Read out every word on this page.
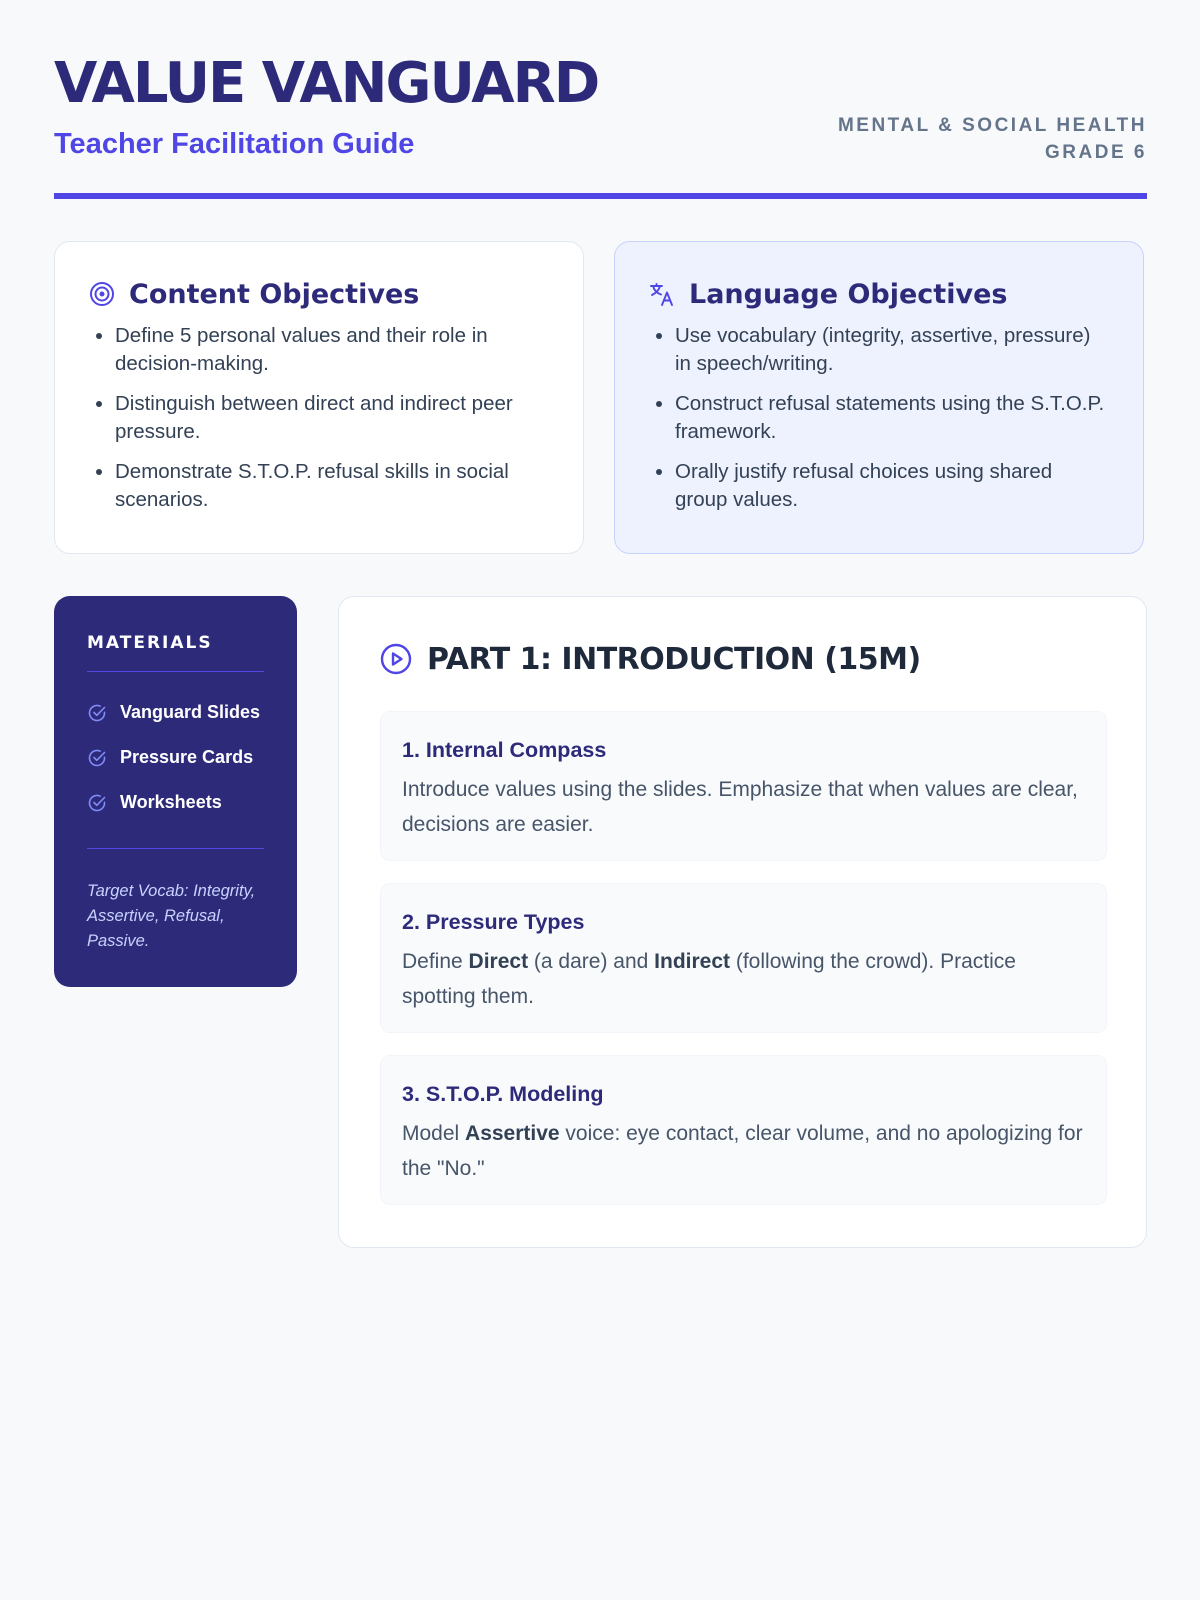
VALUE VANGUARD
Teacher Facilitation Guide
MENTAL & SOCIAL HEALTH
GRADE 6
Content Objectives
• Define 5 personal values and their role in decision-making.
• Distinguish between direct and indirect peer pressure.
• Demonstrate S.T.O.P. refusal skills in social scenarios.
Language Objectives
• Use vocabulary (integrity, assertive, pressure) in speech/writing.
• Construct refusal statements using the S.T.O.P. framework.
• Orally justify refusal choices using shared group values.
MATERIALS
Vanguard Slides
Pressure Cards
Worksheets
Target Vocab: Integrity, Assertive, Refusal, Passive.
PART 1: INTRODUCTION (15M)
1. Internal Compass

Introduce values using the slides. Emphasize that when values are clear, decisions are easier.

2. Pressure Types

Define Direct (a dare) and Indirect (following the crowd). Practice spotting them.

3. S.T.O.P. Modeling

Model Assertive voice: eye contact, clear volume, and no apologizing for the "No."
